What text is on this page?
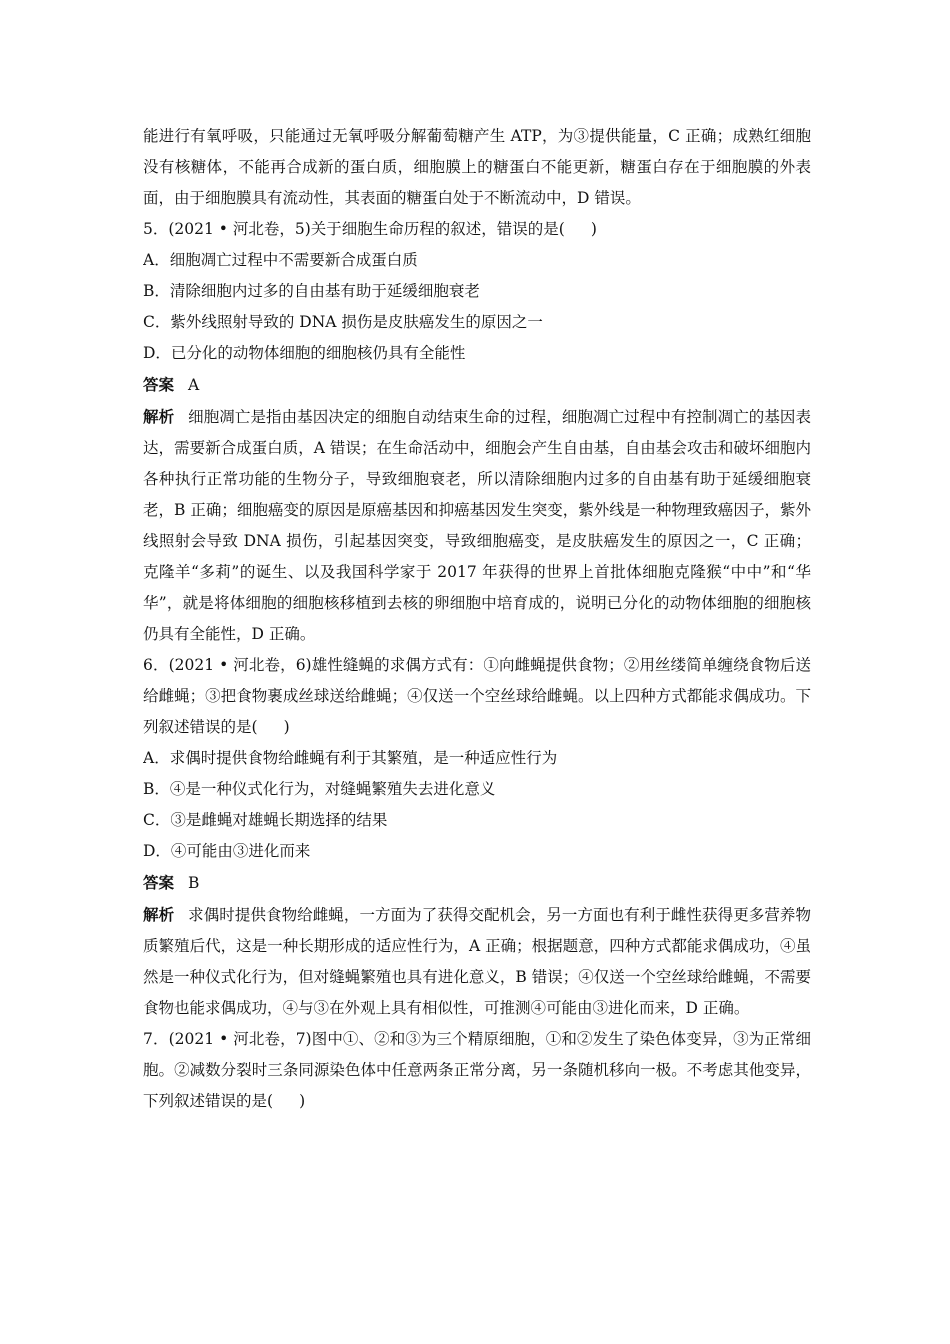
能进行有氧呼吸，只能通过无氧呼吸分解葡萄糖产生 ATP，为③提供能量，C 正确；成熟红细胞没有核糖体，不能再合成新的蛋白质，细胞膜上的糖蛋白不能更新，糖蛋白存在于细胞膜的外表面，由于细胞膜具有流动性，其表面的糖蛋白处于不断流动中，D 错误。

5．(2021 • 河北卷，5)关于细胞生命历程的叙述，错误的是( )

A．细胞凋亡过程中不需要新合成蛋白质

B．清除细胞内过多的自由基有助于延缓细胞衰老

C．紫外线照射导致的 DNA 损伤是皮肤癌发生的原因之一

D．已分化的动物体细胞的细胞核仍具有全能性

答案 A

解析 细胞凋亡是指由基因决定的细胞自动结束生命的过程，细胞凋亡过程中有控制凋亡的基因表达，需要新合成蛋白质，A 错误；在生命活动中，细胞会产生自由基，自由基会攻击和破坏细胞内各种执行正常功能的生物分子，导致细胞衰老，所以清除细胞内过多的自由基有助于延缓细胞衰老，B 正确；细胞癌变的原因是原癌基因和抑癌基因发生突变，紫外线是一种物理致癌因子，紫外线照射会导致 DNA 损伤，引起基因突变，导致细胞癌变，是皮肤癌发生的原因之一，C 正确；克隆羊“多莉”的诞生、以及我国科学家于 2017 年获得的世界上首批体细胞克隆猴“中中”和“华华”，就是将体细胞的细胞核移植到去核的卵细胞中培育成的，说明已分化的动物体细胞的细胞核仍具有全能性，D 正确。

6．(2021 • 河北卷，6)雄性缝蝇的求偶方式有：①向雌蝇提供食物；②用丝缕简单缠绕食物后送给雌蝇；③把食物裹成丝球送给雌蝇；④仅送一个空丝球给雌蝇。以上四种方式都能求偶成功。下列叙述错误的是( )

A．求偶时提供食物给雌蝇有利于其繁殖，是一种适应性行为

B．④是一种仪式化行为，对缝蝇繁殖失去进化意义

C．③是雌蝇对雄蝇长期选择的结果

D．④可能由③进化而来

答案 B

解析 求偶时提供食物给雌蝇，一方面为了获得交配机会，另一方面也有利于雌性获得更多营养物质繁殖后代，这是一种长期形成的适应性行为，A 正确；根据题意，四种方式都能求偶成功，④虽然是一种仪式化行为，但对缝蝇繁殖也具有进化意义，B 错误；④仅送一个空丝球给雌蝇，不需要食物也能求偶成功，④与③在外观上具有相似性，可推测④可能由③进化而来，D 正确。

7．(2021 • 河北卷，7)图中①、②和③为三个精原细胞，①和②发生了染色体变异，③为正常细胞。②减数分裂时三条同源染色体中任意两条正常分离，另一条随机移向一极。不考虑其他变异，下列叙述错误的是( )
